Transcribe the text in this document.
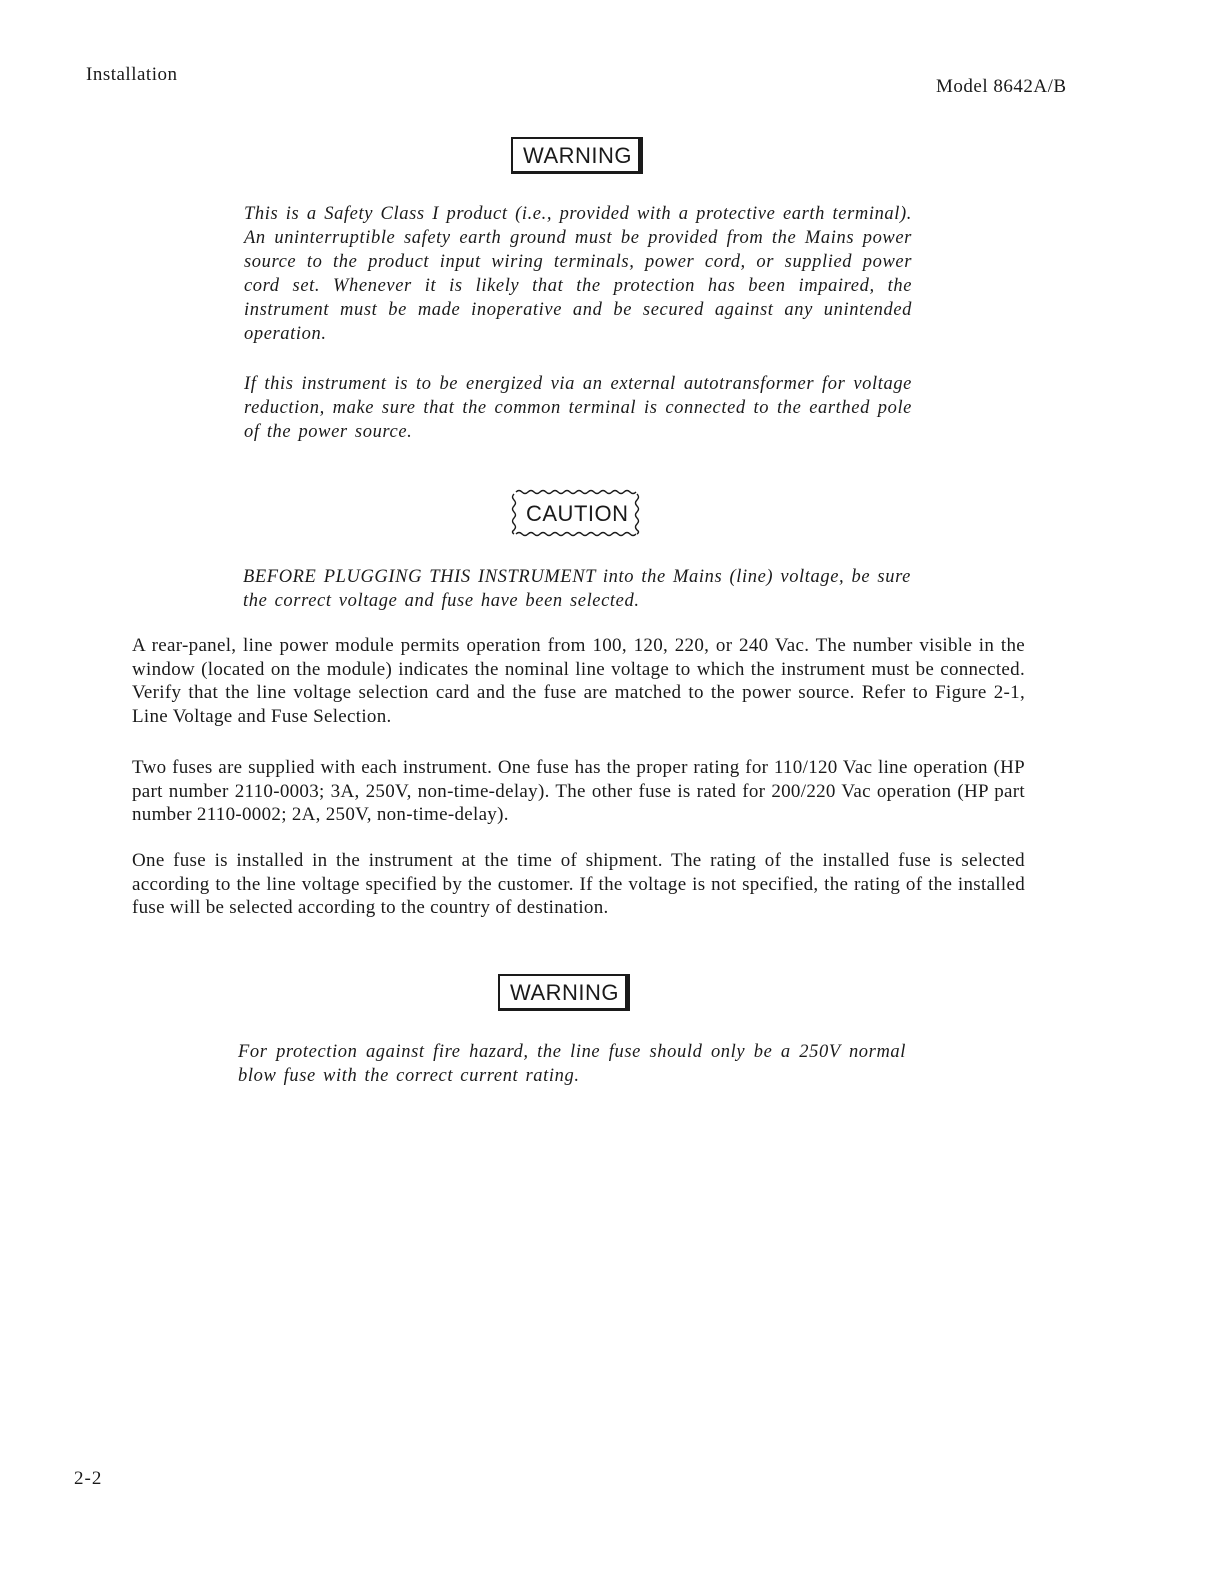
Installation
Model 8642A/B
WARNING
This is a Safety Class I product (i.e., provided with a protective earth terminal). An uninterruptible safety earth ground must be provided from the Mains power source to the product input wiring terminals, power cord, or supplied power cord set. Whenever it is likely that the protection has been impaired, the instrument must be made inoperative and be secured against any unintended operation.
If this instrument is to be energized via an external autotransformer for voltage reduction, make sure that the common terminal is connected to the earthed pole of the power source.
CAUTION
BEFORE PLUGGING THIS INSTRUMENT into the Mains (line) voltage, be sure the correct voltage and fuse have been selected.
A rear-panel, line power module permits operation from 100, 120, 220, or 240 Vac. The number visible in the window (located on the module) indicates the nominal line voltage to which the instrument must be connected. Verify that the line voltage selection card and the fuse are matched to the power source. Refer to Figure 2-1, Line Voltage and Fuse Selection.
Two fuses are supplied with each instrument. One fuse has the proper rating for 110/120 Vac line operation (HP part number 2110-0003; 3A, 250V, non-time-delay). The other fuse is rated for 200/220 Vac operation (HP part number 2110-0002; 2A, 250V, non-time-delay).
One fuse is installed in the instrument at the time of shipment. The rating of the installed fuse is selected according to the line voltage specified by the customer. If the voltage is not specified, the rating of the installed fuse will be selected according to the country of destination.
WARNING
For protection against fire hazard, the line fuse should only be a 250V normal blow fuse with the correct current rating.
2-2
